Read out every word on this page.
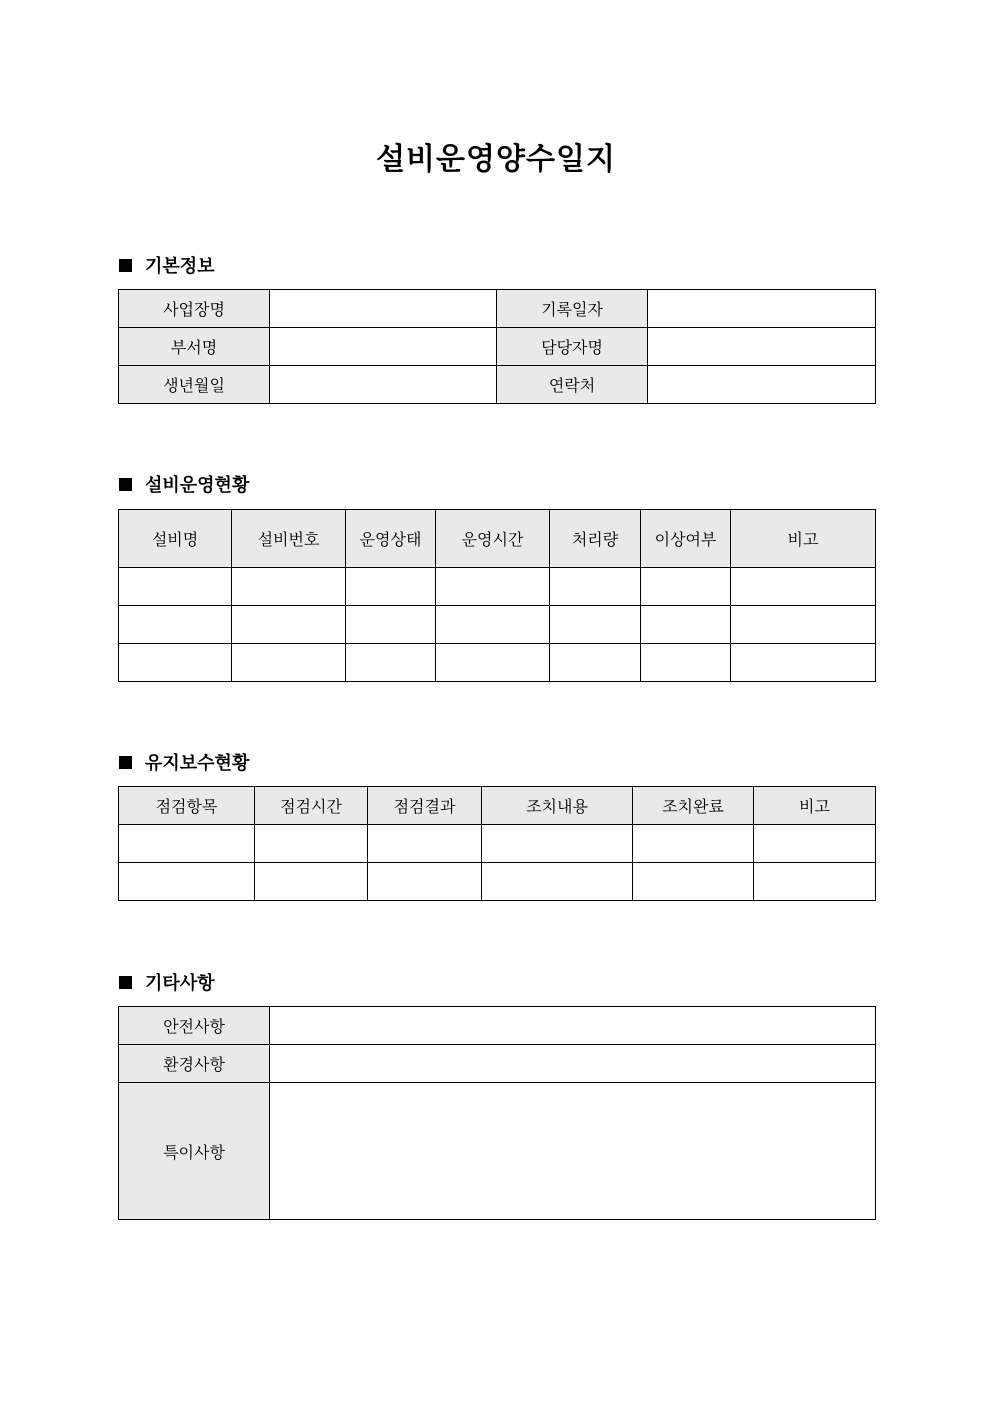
설비운영양수일지
기본정보
사업장명		기록일자	
부서명		담당자명	
생년월일		연락처	
설비운영현황
설비명	설비번호	운영상태	운영시간	처리량	이상여부	비고

유지보수현황
점검항목	점검시간	점검결과	조치내용	조치완료	비고

기타사항
안전사항	
환경사항	
특이사항	
